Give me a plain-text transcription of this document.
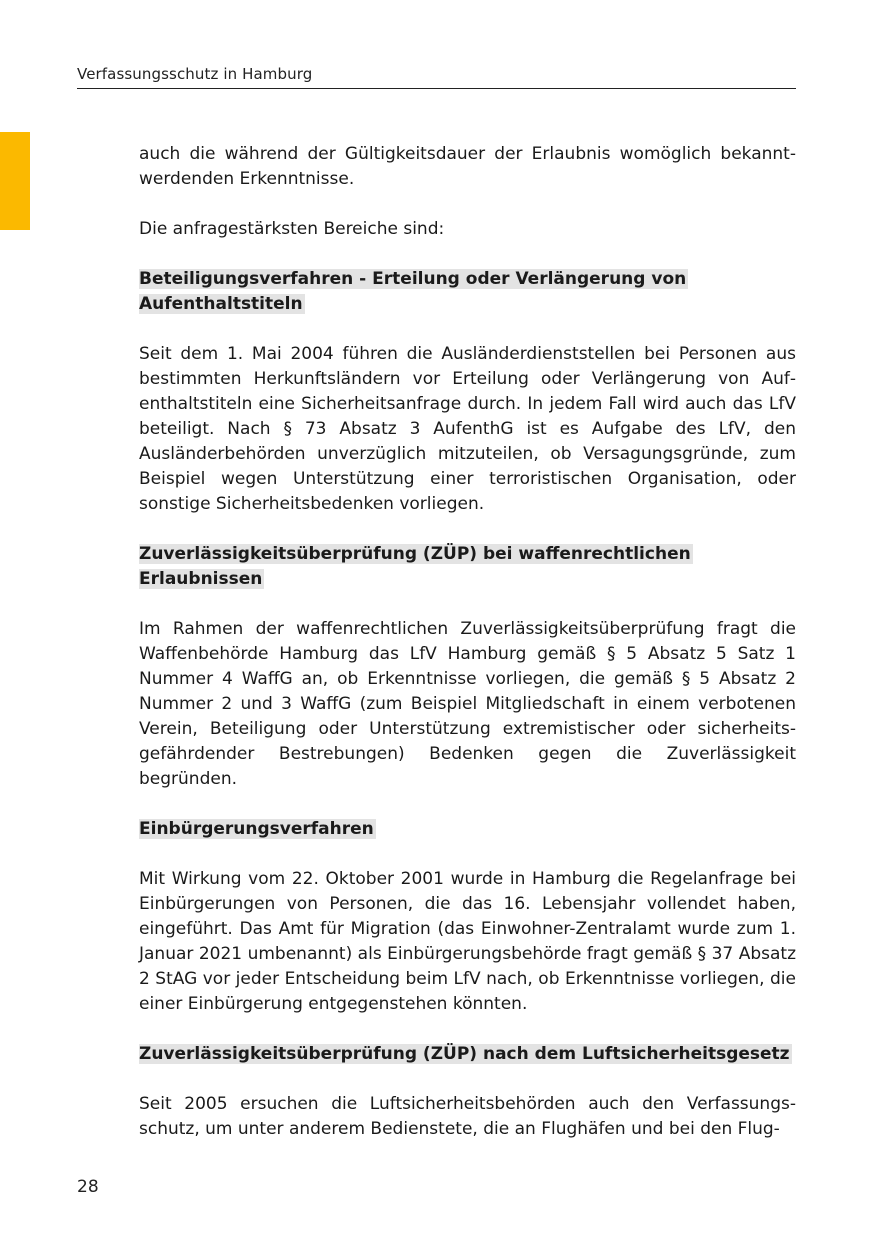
Verfassungsschutz in Hamburg

auch die während der Gültigkeitsdauer der Erlaubnis womöglich bekanntwerdenden Erkenntnisse.

Die anfragestärksten Bereiche sind:

Beteiligungsverfahren - Erteilung oder Verlängerung von Aufenthaltstiteln

Seit dem 1. Mai 2004 führen die Ausländerdienststellen bei Personen aus bestimmten Herkunftsländern vor Erteilung oder Verlängerung von Aufenthaltstiteln eine Sicherheitsanfrage durch. In jedem Fall wird auch das LfV beteiligt. Nach § 73 Absatz 3 AufenthG ist es Aufgabe des LfV, den Ausländerbehörden unverzüglich mitzuteilen, ob Versagungsgründe, zum Beispiel wegen Unterstützung einer terroristischen Organisation, oder sonstige Sicherheitsbedenken vorliegen.

Zuverlässigkeitsüberprüfung (ZÜP) bei waffenrechtlichen Erlaubnissen

Im Rahmen der waffenrechtlichen Zuverlässigkeitsüberprüfung fragt die Waffenbehörde Hamburg das LfV Hamburg gemäß § 5 Absatz 5 Satz 1 Nummer 4 WaffG an, ob Erkenntnisse vorliegen, die gemäß § 5 Absatz 2 Nummer 2 und 3 WaffG (zum Beispiel Mitgliedschaft in einem verbotenen Verein, Beteiligung oder Unterstützung extremistischer oder sicherheitsgefährdender Bestrebungen) Bedenken gegen die Zuverlässigkeit begründen.

Einbürgerungsverfahren

Mit Wirkung vom 22. Oktober 2001 wurde in Hamburg die Regelanfrage bei Einbürgerungen von Personen, die das 16. Lebensjahr vollendet haben, eingeführt. Das Amt für Migration (das Einwohner-Zentralamt wurde zum 1. Januar 2021 umbenannt) als Einbürgerungsbehörde fragt gemäß § 37 Absatz 2 StAG vor jeder Entscheidung beim LfV nach, ob Erkenntnisse vorliegen, die einer Einbürgerung entgegenstehen könnten.

Zuverlässigkeitsüberprüfung (ZÜP) nach dem Luftsicherheitsgesetz

Seit 2005 ersuchen die Luftsicherheitsbehörden auch den Verfassungsschutz, um unter anderem Bedienstete, die an Flughäfen und bei den Flug-

28
